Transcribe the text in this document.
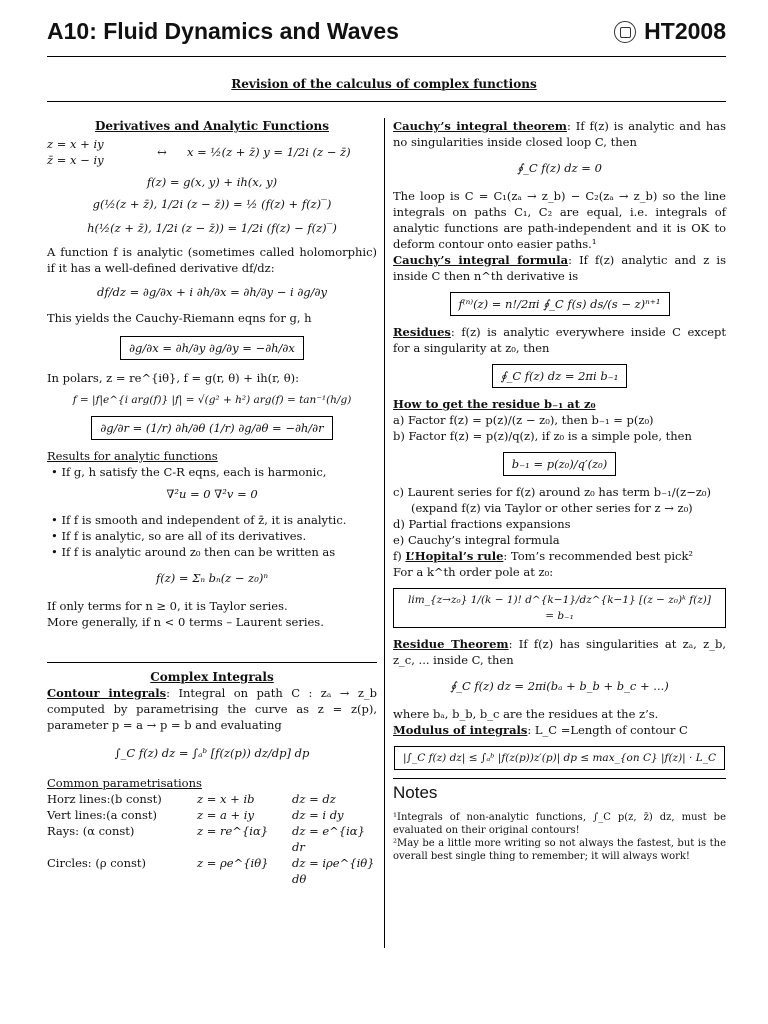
A10: Fluid Dynamics and Waves	HT2008
Revision of the calculus of complex functions
Derivatives and Analytic Functions
z = x + iy
z̄ = x − iy
↔	x = ½(z + z̄) y = 1/2i (z − z̄)
f(z) = g(x, y) + ih(x, y)
g(½(z + z̄), 1/2i (z − z̄)) = ½ (f(z) + f(z)‾)
h(½(z + z̄), 1/2i (z − z̄)) = 1/2i (f(z) − f(z)‾)

A function f is analytic (sometimes called holomorphic) if it has a well-defined derivative df/dz:

df/dz = ∂g/∂x + i ∂h/∂x = ∂h/∂y − i ∂g/∂y

This yields the Cauchy-Riemann eqns for g, h

∂g/∂x = ∂h/∂y ∂g/∂y = −∂h/∂x

In polars, z = re^{iθ}, f = g(r, θ) + ih(r, θ):

f = |f|e^{i arg(f)} |f| = √(g² + h²) arg(f) = tan⁻¹(h/g)
∂g/∂r = (1/r) ∂h/∂θ (1/r) ∂g/∂θ = −∂h/∂r

Results for analytic functions

• If g, h satisfy the C-R eqns, each is harmonic,

∇²u = 0 ∇²v = 0

• If f is smooth and independent of z̄, it is analytic.

• If f is analytic, so are all of its derivatives.

• If f is analytic around z₀ then can be written as

f(z) = Σₙ bₙ(z − z₀)ⁿ

If only terms for n ≥ 0, it is Taylor series.

More generally, if n < 0 terms – Laurent series.

Complex Integrals

Contour integrals: Integral on path C : zₐ → z_b computed by parametrising the curve as z = z(p), parameter p = a → p = b and evaluating

∫_C f(z) dz = ∫ₐᵇ [f(z(p)) dz/dp] dp

Common parametrisations

Horz lines:(b const)	z = x + ib	dz = dz
Vert lines:(a const)	z = a + iy	dz = i dy
Rays: (α const)	z = re^{iα}	dz = e^{iα} dr
Circles: (ρ const)	z = ρe^{iθ}	dz = iρe^{iθ} dθ

Cauchy’s integral theorem: If f(z) is analytic and has no singularities inside closed loop C, then

∮_C f(z) dz = 0

The loop is C = C₁(zₐ → z_b) − C₂(zₐ → z_b) so the line integrals on paths C₁, C₂ are equal, i.e. integrals of analytic functions are path-independent and it is OK to deform contour onto easier paths.¹

Cauchy’s integral formula: If f(z) analytic and z is inside C then n^th derivative is

f⁽ⁿ⁾(z) = n!/2πi ∮_C f(s) ds/(s − z)ⁿ⁺¹

Residues: f(z) is analytic everywhere inside C except for a singularity at z₀, then

∮_C f(z) dz = 2πi b₋₁

How to get the residue b₋₁ at z₀

a) Factor f(z) = p(z)/(z − z₀), then b₋₁ = p(z₀)

b) Factor f(z) = p(z)/q(z), if z₀ is a simple pole, then

b₋₁ = p(z₀)/q′(z₀)

c) Laurent series for f(z) around z₀ has term b₋₁/(z−z₀)

(expand f(z) via Taylor or other series for z → z₀)

d) Partial fractions expansions

e) Cauchy’s integral formula

f) L’Hopital’s rule: Tom’s recommended best pick²

For a k^th order pole at z₀:

lim_{z→z₀} 1/(k − 1)! d^{k−1}/dz^{k−1} [(z − z₀)ᵏ f(z)] = b₋₁

Residue Theorem: If f(z) has singularities at zₐ, z_b, z_c, ... inside C, then

∮_C f(z) dz = 2πi(bₐ + b_b + b_c + ...)

where bₐ, b_b, b_c are the residues at the z’s.

Modulus of integrals: L_C =Length of contour C

|∫_C f(z) dz| ≤ ∫ₐᵇ |f(z(p))z′(p)| dp ≤ max_{on C} |f(z)| · L_C
Notes

¹Integrals of non-analytic functions, ∫_C p(z, z̄) dz, must be evaluated on their original contours!

²May be a little more writing so not always the fastest, but is the overall best single thing to remember; it will always work!
